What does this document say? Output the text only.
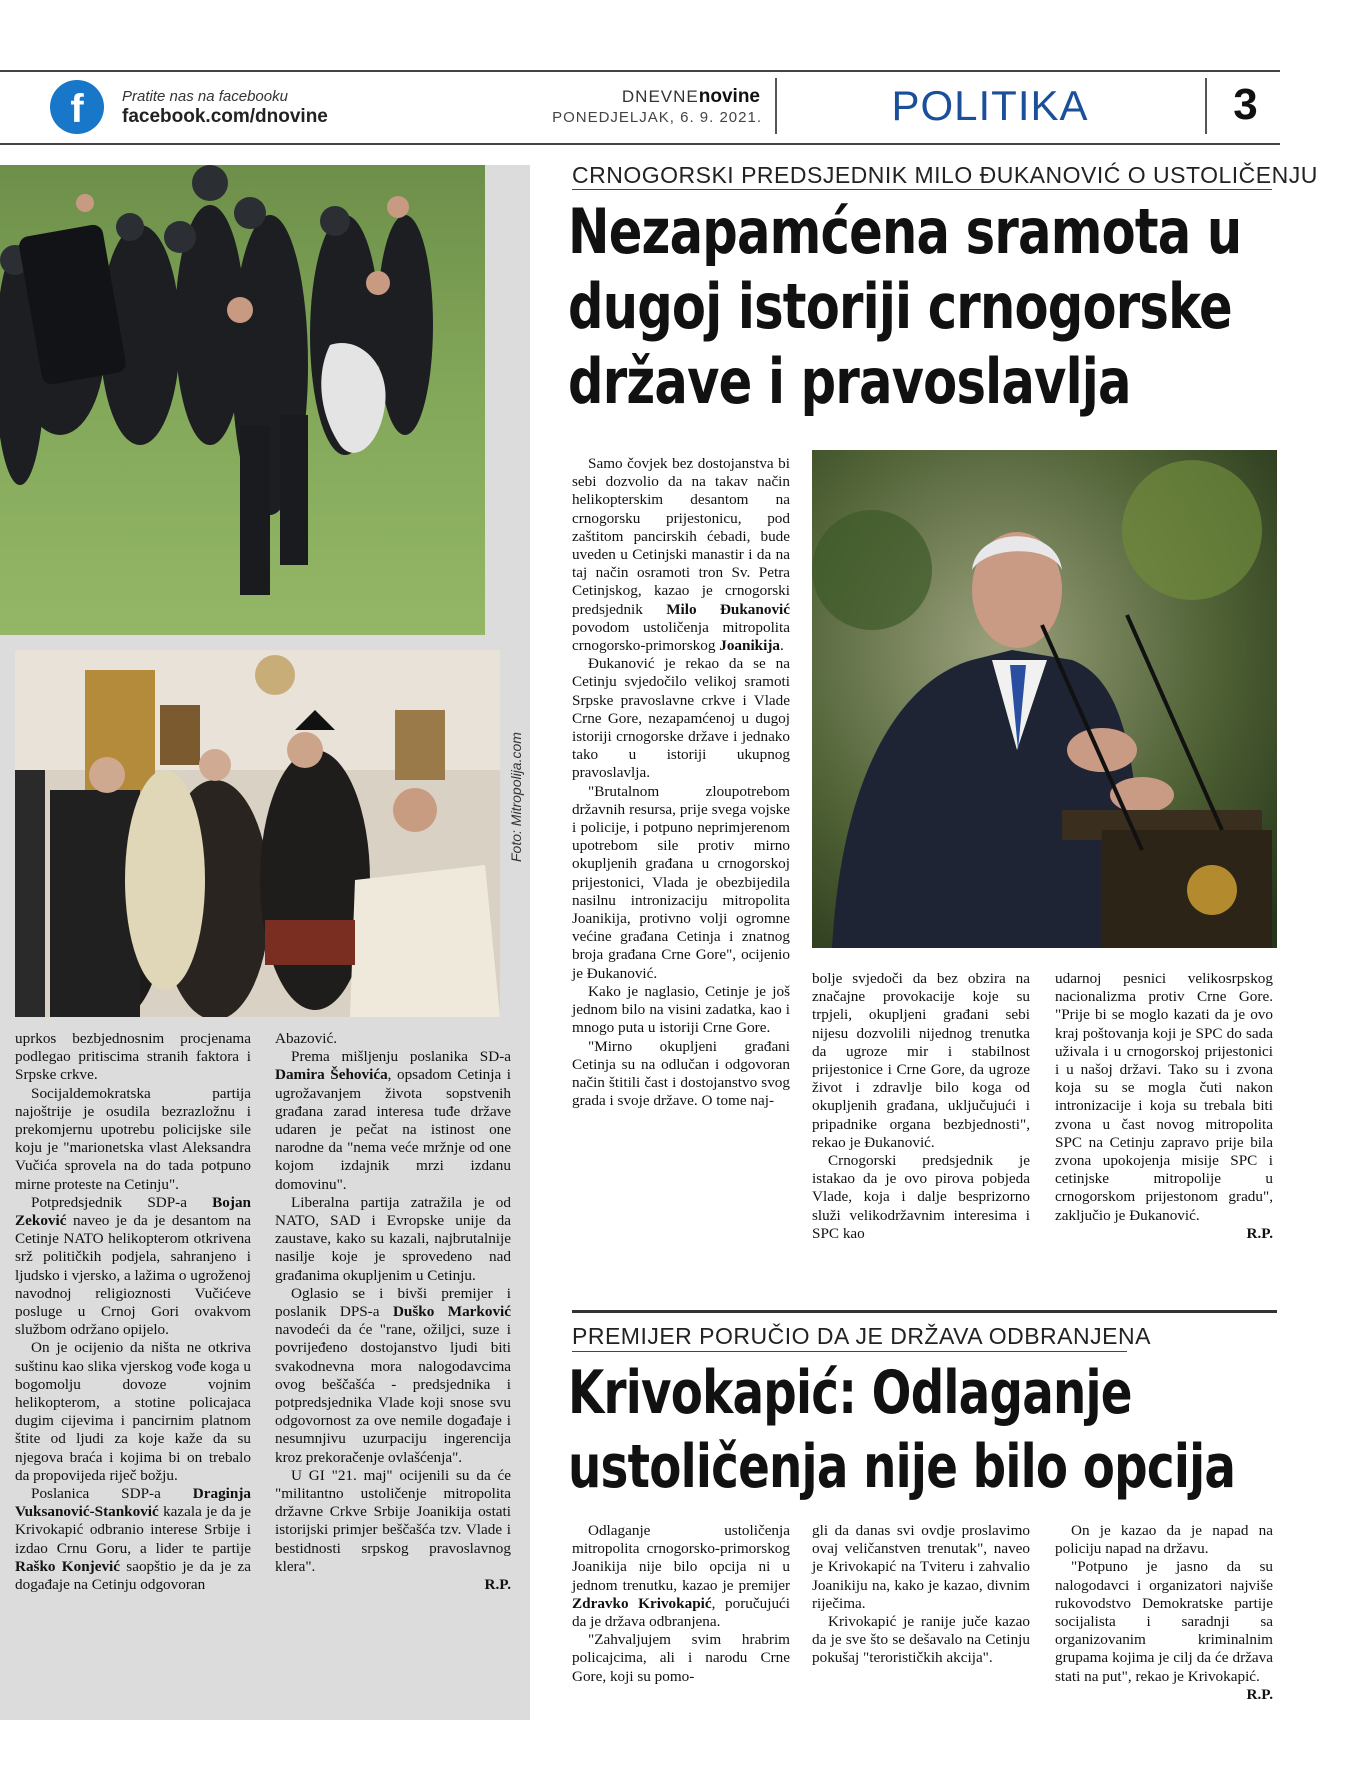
f	Pratite nas na facebooku
facebook.com/dnovine
DNEVNEnovine
PONEDJELJAK, 6. 9. 2021.	POLITIKA	3
Foto: Mitropolija.com

uprkos bezbjednosnim procjenama podlegao pritiscima stranih faktora i Srpske crkve.

Socijaldemokratska partija najoštrije je osudila bezrazložnu i prekomjernu upotrebu policijske sile koju je "marionetska vlast Aleksandra Vučića sprovela na do tada potpuno mirne proteste na Cetinju".

Potpredsjednik SDP-a Bojan Zeković naveo je da je desantom na Cetinje NATO helikopterom otkrivena srž političkih podjela, sahranjeno i ljudsko i vjersko, a lažima o ugroženoj navodnoj religioznosti Vučićeve posluge u Crnoj Gori ovakvom službom održano opijelo.

On je ocijenio da ništa ne otkriva suštinu kao slika vjerskog vođe koga u bogomolju dovoze vojnim helikopterom, a stotine policajaca dugim cijevima i pancirnim platnom štite od ljudi za koje kaže da su njegova braća i kojima bi on trebalo da propovijeda riječ božju.

Poslanica SDP-a Draginja Vuksanović-Stanković kazala je da je Krivokapić odbranio interese Srbije i izdao Crnu Goru, a lider te partije Raško Konjević saopštio je da je za događaje na Cetinju odgovoran

Abazović.

Prema mišljenju poslanika SD-a Damira Šehovića, opsadom Cetinja i ugrožavanjem života sopstvenih građana zarad interesa tuđe države udaren je pečat na istinost one narodne da "nema veće mržnje od one kojom izdajnik mrzi izdanu domovinu".

Liberalna partija zatražila je od NATO, SAD i Evropske unije da zaustave, kako su kazali, najbrutalnije nasilje koje je sprovedeno nad građanima okupljenim u Cetinju.

Oglasio se i bivši premijer i poslanik DPS-a Duško Marković navodeći da će "rane, ožiljci, suze i povrijeđeno dostojanstvo ljudi biti svakodnevna mora nalogodavcima ovog beščašća - predsjednika i potpredsjednika Vlade koji snose svu odgovornost za ove nemile događaje i nesumnjivu uzurpaciju ingerencija kroz prekoračenje ovlašćenja".

U GI "21. maj" ocijenili su da će "militantno ustoličenje mitropolita državne Crkve Srbije Joanikija ostati istorijski primjer beščašća tzv. Vlade i bestidnosti srpskog pravoslavnog klera".

R.P.
CRNOGORSKI PREDSJEDNIK MILO ĐUKANOVIĆ O USTOLIČENJU
Nezapamćena sramota u
dugoj istoriji crnogorske
države i pravoslavlja

Samo čovjek bez dostojanstva bi sebi dozvolio da na takav način helikopterskim desantom na crnogorsku prijestonicu, pod zaštitom pancirskih ćebadi, bude uveden u Cetinjski manastir i da na taj način osramoti tron Sv. Petra Cetinjskog, kazao je crnogorski predsjednik Milo Đukanović povodom ustoličenja mitropolita crnogorsko-primorskog Joanikija.

Đukanović je rekao da se na Cetinju svjedočilo velikoj sramoti Srpske pravoslavne crkve i Vlade Crne Gore, nezapamćenoj u dugoj istoriji crnogorske države i jednako tako u istoriji ukupnog pravoslavlja.

"Brutalnom zloupotrebom državnih resursa, prije svega vojske i policije, i potpuno neprimjerenom upotrebom sile protiv mirno okupljenih građana u crnogorskoj prijestonici, Vlada je obezbijedila nasilnu intronizaciju mitropolita Joanikija, protivno volji ogromne većine građana Cetinja i znatnog broja građana Crne Gore", ocijenio je Đukanović.

Kako je naglasio, Cetinje je još jednom bilo na visini zadatka, kao i mnogo puta u istoriji Crne Gore.

"Mirno okupljeni građani Cetinja su na odlučan i odgovoran način štitili čast i dostojanstvo svog grada i svoje države. O tome naj-

bolje svjedoči da bez obzira na značajne provokacije koje su trpjeli, okupljeni građani sebi nijesu dozvolili nijednog trenutka da ugroze mir i stabilnost prijestonice i Crne Gore, da ugroze život i zdravlje bilo koga od okupljenih građana, uključujući i pripadnike organa bezbjednosti", rekao je Đukanović.

Crnogorski predsjednik je istakao da je ovo pirova pobjeda Vlade, koja i dalje besprizorno služi velikodržavnim interesima i SPC kao

udarnoj pesnici velikosrpskog nacionalizma protiv Crne Gore. "Prije bi se moglo kazati da je ovo kraj poštovanja koji je SPC do sada uživala i u crnogorskoj prijestonici i u našoj državi. Tako su i zvona koja su se mogla čuti nakon intronizacije i koja su trebala biti zvona u čast novog mitropolita SPC na Cetinju zapravo prije bila zvona upokojenja misije SPC i cetinjske mitropolije u crnogorskom prijestonom gradu", zaključio je Đukanović.

R.P.
PREMIJER PORUČIO DA JE DRŽAVA ODBRANJENA
Krivokapić: Odlaganje
ustoličenja nije bilo opcija

Odlaganje ustoličenja mitropolita crnogorsko-primorskog Joanikija nije bilo opcija ni u jednom trenutku, kazao je premijer Zdravko Krivokapić, poručujući da je država odbranjena.

"Zahvaljujem svim hrabrim policajcima, ali i narodu Crne Gore, koji su pomo-

gli da danas svi ovdje proslavimo ovaj veličanstven trenutak", naveo je Krivokapić na Tviteru i zahvalio Joanikiju na, kako je kazao, divnim riječima.

Krivokapić je ranije juče kazao da je sve što se dešavalo na Cetinju pokušaj "terorističkih akcija".

On je kazao da je napad na policiju napad na državu.

"Potpuno je jasno da su nalogodavci i organizatori najviše rukovodstvo Demokratske partije socijalista i saradnji sa organizovanim kriminalnim grupama kojima je cilj da će država stati na put", rekao je Krivokapić.

R.P.
